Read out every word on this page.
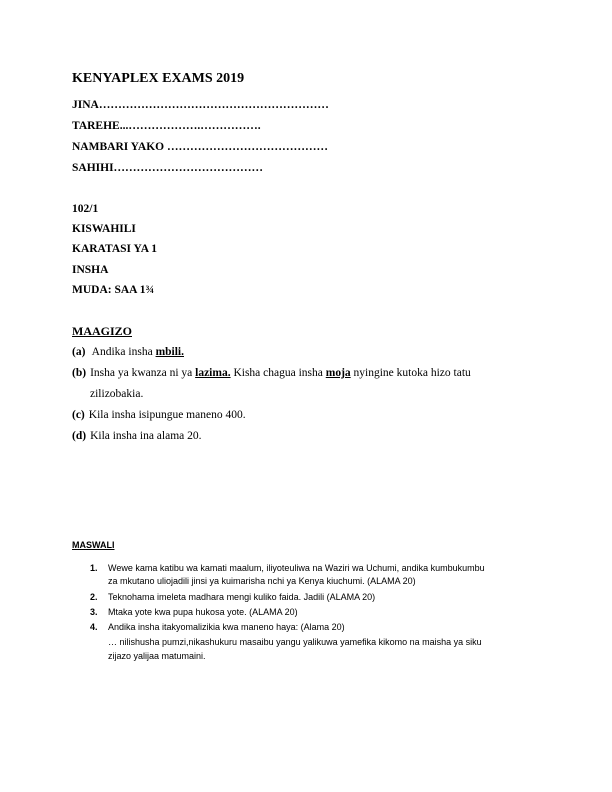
KENYAPLEX EXAMS 2019
JINA……………………………………………………
TAREHE...……………….…………….
NAMBARI YAKO ……………………………………
SAHIHI…………………………………
102/1
KISWAHILI
KARATASI YA 1
INSHA
MUDA: SAA 1¾
MAAGIZO
(a) Andika insha mbili.
(b) Insha ya kwanza ni ya lazima. Kisha chagua insha moja nyingine kutoka hizo tatu
zilizobakia.
(c) Kila insha isipungue maneno 400.
(d) Kila insha ina alama 20.
MASWALI
1. Wewe kama katibu wa kamati maalum, iliyoteuliwa na Waziri wa Uchumi, andika kumbukumbu
za mkutano uliojadili jinsi ya kuimarisha nchi ya Kenya kiuchumi. (ALAMA 20)
2. Teknohama imeleta madhara mengi kuliko faida. Jadili (ALAMA 20)
3. Mtaka yote kwa pupa hukosa yote. (ALAMA 20)
4. Andika insha itakyomalizikia kwa maneno haya: (Alama 20)
… nilishusha pumzi,nikashukuru masaibu yangu yalikuwa yamefika kikomo na maisha ya siku
zijazo yalijaa matumaini.
